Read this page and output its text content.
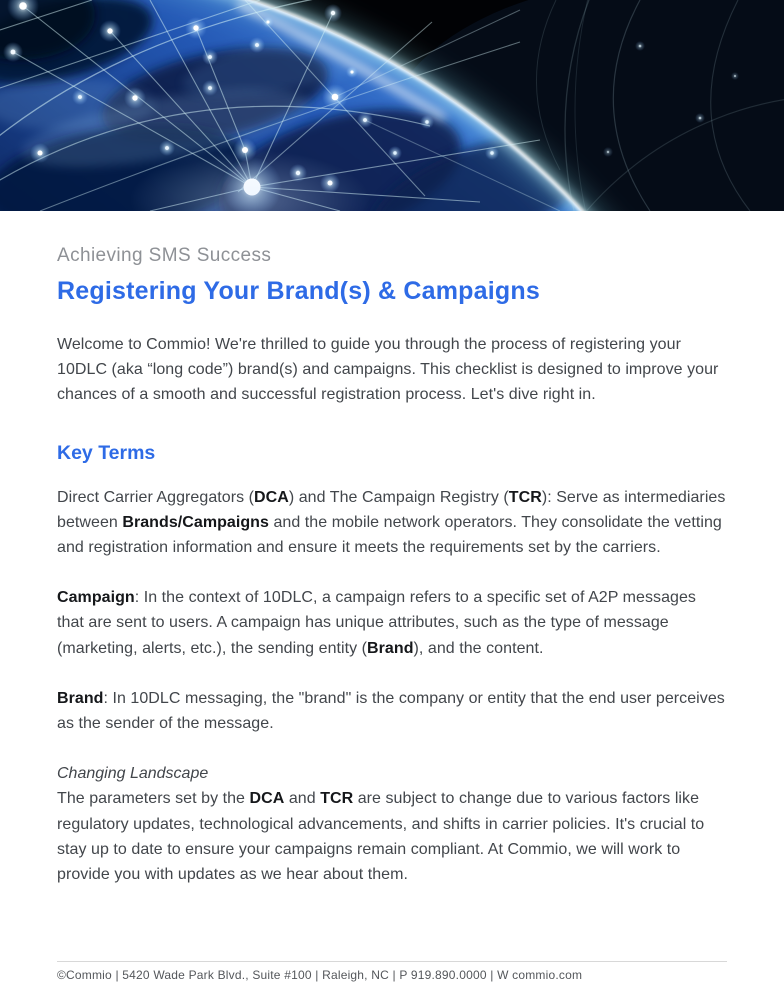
Achieving SMS Success
Registering Your Brand(s) & Campaigns

Welcome to Commio! We're thrilled to guide you through the process of registering your 10DLC (aka “long code”) brand(s) and campaigns. This checklist is designed to improve your chances of a smooth and successful registration process. Let's dive right in.

Key Terms

Direct Carrier Aggregators (DCA) and The Campaign Registry (TCR): Serve as intermediaries between Brands/Campaigns and the mobile network operators. They consolidate the vetting and registration information and ensure it meets the requirements set by the carriers.

Campaign: In the context of 10DLC, a campaign refers to a specific set of A2P messages that are sent to users. A campaign has unique attributes, such as the type of message (marketing, alerts, etc.), the sending entity (Brand), and the content.

Brand: In 10DLC messaging, the "brand" is the company or entity that the end user perceives as the sender of the message.

Changing Landscape

The parameters set by the DCA and TCR are subject to change due to various factors like regulatory updates, technological advancements, and shifts in carrier policies. It's crucial to stay up to date to ensure your campaigns remain compliant. At Commio, we will work to provide you with updates as we hear about them.

©Commio | 5420 Wade Park Blvd., Suite #100 | Raleigh, NC | P 919.890.0000 | W commio.com
